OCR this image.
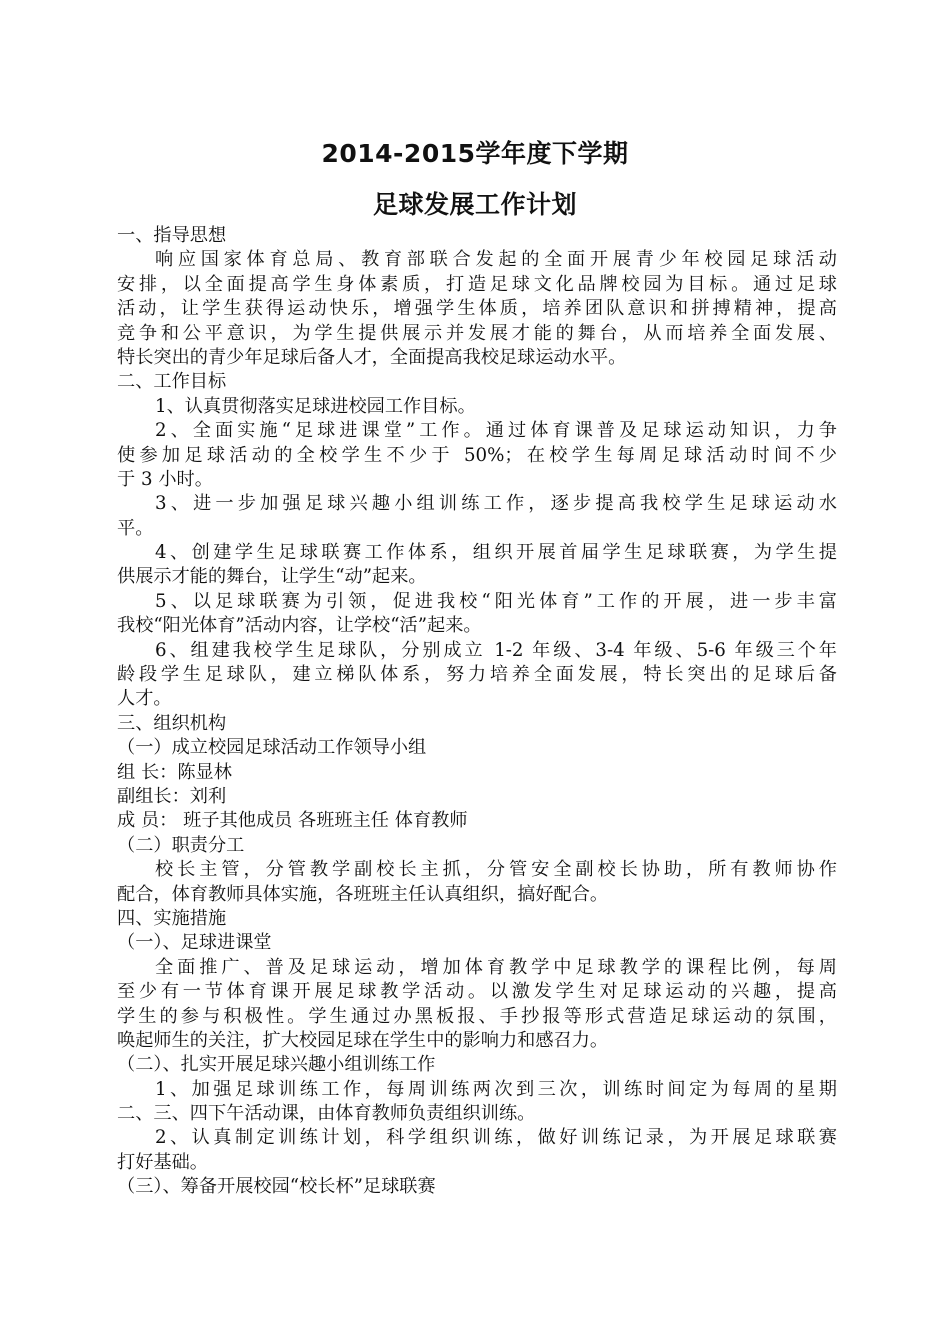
2014-2015学年度下学期
足球发展工作计划
一、指导思想
响应国家体育总局、教育部联合发起的全面开展青少年校园足球活动
安排，以全面提高学生身体素质，打造足球文化品牌校园为目标。通过足球
活动，让学生获得运动快乐，增强学生体质，培养团队意识和拼搏精神，提高
竞争和公平意识，为学生提供展示并发展才能的舞台，从而培养全面发展、
特长突出的青少年足球后备人才，全面提高我校足球运动水平。
二、工作目标
1、认真贯彻落实足球进校园工作目标。
2、全面实施“足球进课堂”工作。通过体育课普及足球运动知识，力争
使参加足球活动的全校学生不少于 50%；在校学生每周足球活动时间不少
于 3 小时。
3、进一步加强足球兴趣小组训练工作，逐步提高我校学生足球运动水
平。
4、创建学生足球联赛工作体系，组织开展首届学生足球联赛，为学生提
供展示才能的舞台，让学生“动”起来。
5、以足球联赛为引领，促进我校“阳光体育”工作的开展，进一步丰富
我校“阳光体育”活动内容，让学校“活”起来。
6、组建我校学生足球队，分别成立 1-2 年级、3-4 年级、5-6 年级三个年
龄段学生足球队，建立梯队体系，努力培养全面发展，特长突出的足球后备
人才。
三、组织机构
（一）成立校园足球活动工作领导小组
组 长：陈显林
副组长：刘利
成 员： 班子其他成员 各班班主任 体育教师
（二）职责分工
校长主管，分管教学副校长主抓，分管安全副校长协助，所有教师协作
配合，体育教师具体实施，各班班主任认真组织，搞好配合。
四、实施措施
（一）、足球进课堂
全面推广、普及足球运动，增加体育教学中足球教学的课程比例，每周
至少有一节体育课开展足球教学活动。以激发学生对足球运动的兴趣，提高
学生的参与积极性。学生通过办黑板报、手抄报等形式营造足球运动的氛围，
唤起师生的关注，扩大校园足球在学生中的影响力和感召力。
（二）、扎实开展足球兴趣小组训练工作
1、加强足球训练工作，每周训练两次到三次，训练时间定为每周的星期
二、三、四下午活动课，由体育教师负责组织训练。
2、认真制定训练计划，科学组织训练，做好训练记录，为开展足球联赛
打好基础。
（三）、筹备开展校园“校长杯”足球联赛
